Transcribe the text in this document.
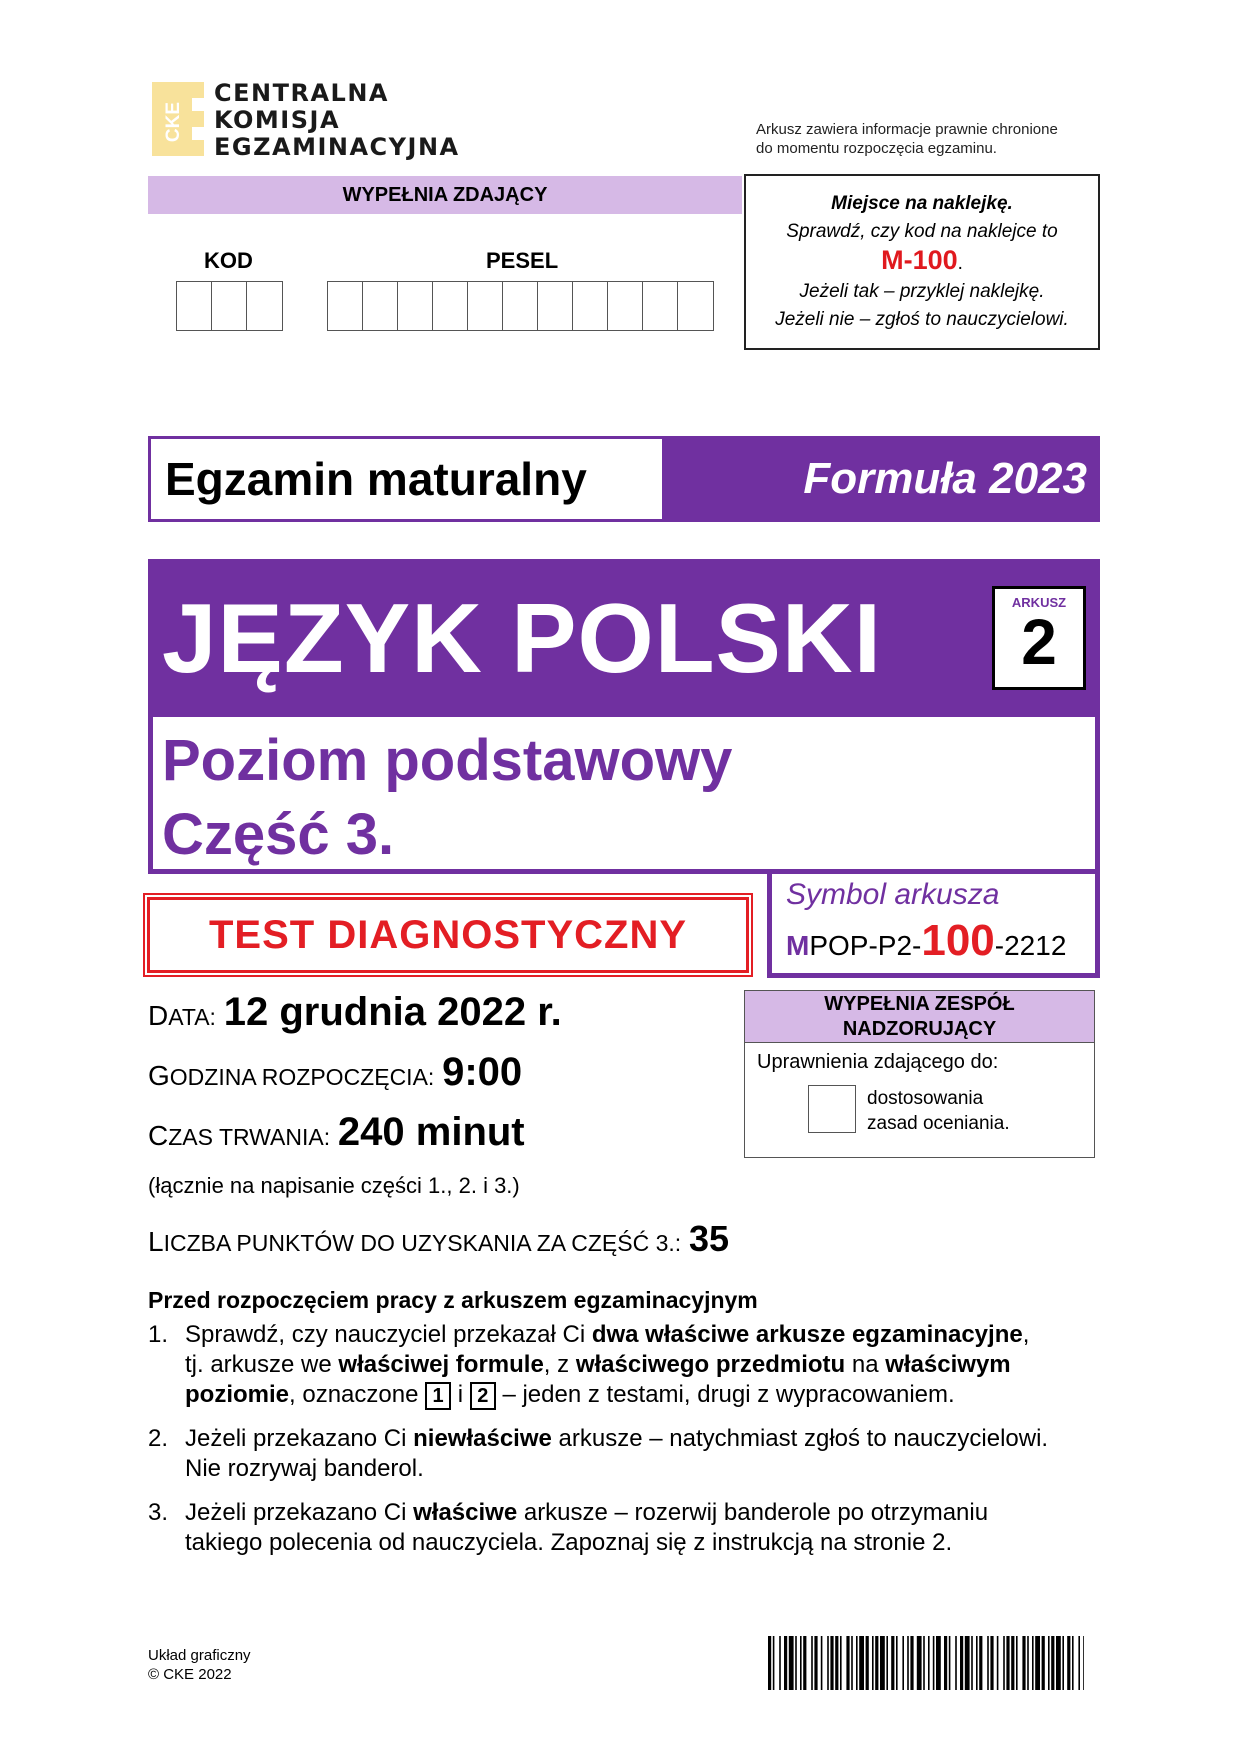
CKE
CENTRALNA
KOMISJA
EGZAMINACYJNA
Arkusz zawiera informacje prawnie chronione
do momentu rozpoczęcia egzaminu.
WYPEŁNIA ZDAJĄCY
KOD	PESEL
Miejsce na naklejkę.
Sprawdź, czy kod na naklejce to
M-100.
Jeżeli tak – przyklej naklejkę.
Jeżeli nie – zgłoś to nauczycielowi.
Egzamin maturalny	Formuła 2023
JĘZYK POLSKI	ARKUSZ
2
Poziom podstawowy
Część 3.
TEST DIAGNOSTYCZNY
Symbol arkusza
MPOP-P2-100-2212
DATA: 12 grudnia 2022 r.
GODZINA ROZPOCZĘCIA: 9:00
CZAS TRWANIA: 240 minut
(łącznie na napisanie części 1., 2. i 3.)
LICZBA PUNKTÓW DO UZYSKANIA ZA CZĘŚĆ 3.: 35
WYPEŁNIA ZESPÓŁ NADZORUJĄCY
Uprawnienia zdającego do:
dostosowania
zasad oceniania.
Przed rozpoczęciem pracy z arkuszem egzaminacyjnym
1. Sprawdź, czy nauczyciel przekazał Ci dwa właściwe arkusze egzaminacyjne,
tj. arkusze we właściwej formule, z właściwego przedmiotu na właściwym
poziomie, oznaczone 1 i 2 – jeden z testami, drugi z wypracowaniem.
2. Jeżeli przekazano Ci niewłaściwe arkusze – natychmiast zgłoś to nauczycielowi.
Nie rozrywaj banderol.
3. Jeżeli przekazano Ci właściwe arkusze – rozerwij banderole po otrzymaniu
takiego polecenia od nauczyciela. Zapoznaj się z instrukcją na stronie 2.
Układ graficzny
© CKE 2022
